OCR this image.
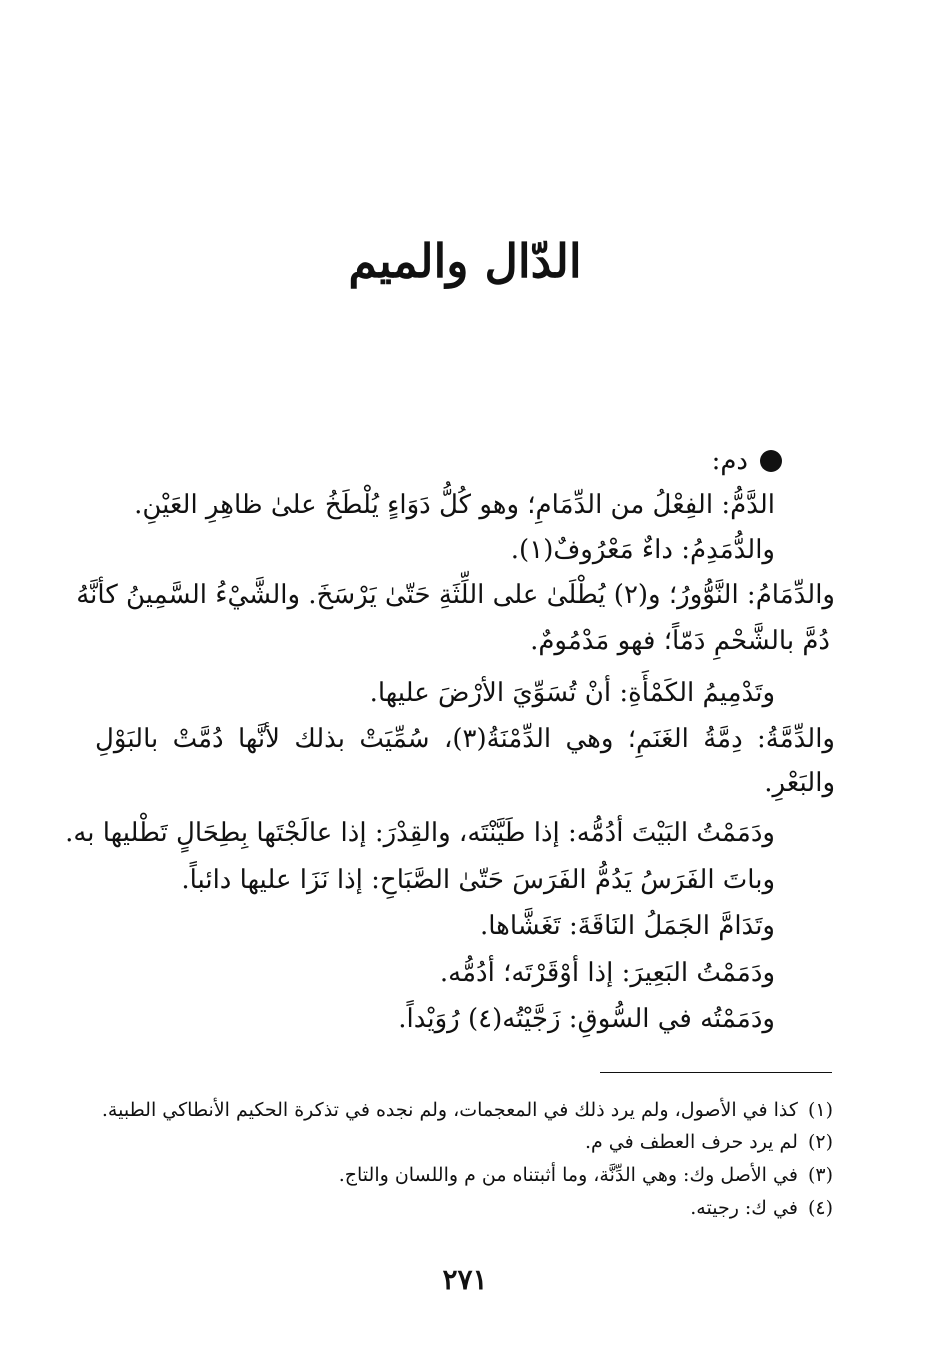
الدّال والميم
دم:

الدَّمُّ: الفِعْلُ من الدِّمَامِ؛ وهو كُلُّ دَوَاءٍ يُلْطَخُ علىٰ ظاهِرِ العَيْنِ.

والدُّمَدِمُ: داءٌ مَعْرُوفٌ(١).

والدِّمَامُ: النَّوُّورُ؛ و(٢) يُطْلَىٰ على اللِّثَةِ حَتّىٰ يَرْسَخَ. والشَّيْءُ السَّمِينُ كأنَّهُ

دُمَّ بالشَّحْمِ دَمّاً؛ فهو مَدْمُومٌ.

وتَدْمِيمُ الكَمْأَةِ: أنْ تُسَوِّيَ الأرْضَ عليها.

والدِّمَّةُ: دِمَّةُ الغَنَمِ؛ وهي الدِّمْنَةُ(٣)، سُمِّيَتْ بذلك لأنَّها دُمَّتْ بالبَوْلِ

والبَعْرِ.

ودَمَمْتُ البَيْتَ أدُمُّه: إذا طَيَّنْتَه، والقِدْرَ: إذا عالَجْتَها بِطِحَالٍ تَطْليها به.

وباتَ الفَرَسُ يَدُمُّ الفَرَسَ حَتّىٰ الصَّبَاحِ: إذا نَزَا عليها دائباً.

وتَدَامَّ الجَمَلُ النَاقَةَ: تَغَشَّاها.

ودَمَمْتُ البَعِيرَ: إذا أوْقَرْتَه؛ أدُمُّه.

ودَمَمْتُه في السُّوقِ: زَجَّيْتُه(٤) رُوَيْداً.

(١)كذا في الأصول، ولم يرد ذلك في المعجمات، ولم نجده في تذكرة الحكيم الأنطاكي الطبية.
(٢)لم يرد حرف العطف في م.
(٣)في الأصل وك: وهي الدِّنَّة، وما أثبتناه من م واللسان والتاج.
(٤)في ك: رجيته.
٢٧١
